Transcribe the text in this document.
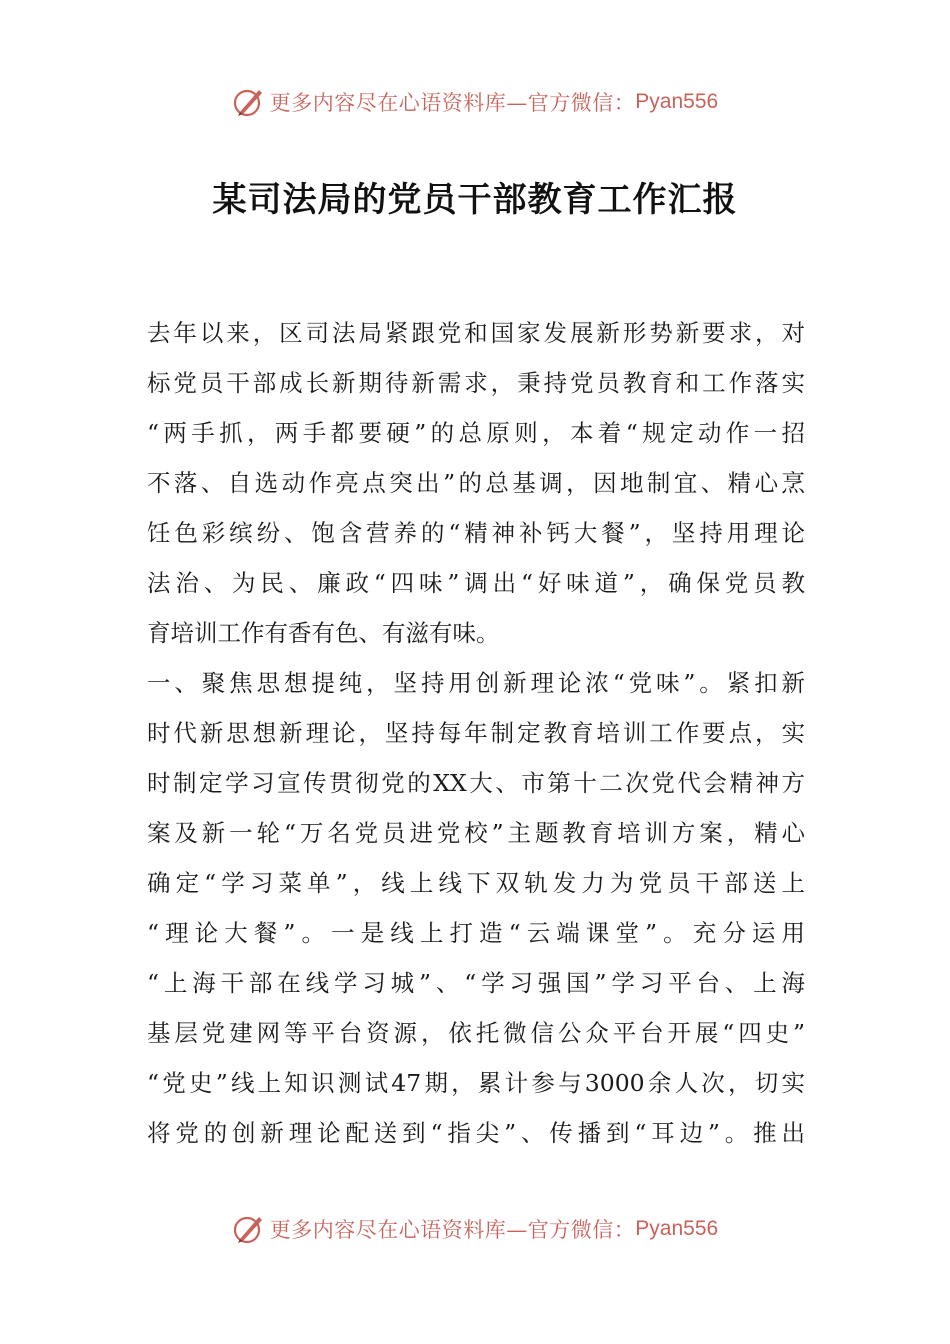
更多内容尽在心语资料库—官方微信： Pyan556
某司法局的党员干部教育工作汇报
去年以来，区司法局紧跟党和国家发展新形势新要求，对
标党员干部成长新期待新需求，秉持党员教育和工作落实
“两手抓，两手都要硬”的总原则，本着“规定动作一招
不落、自选动作亮点突出”的总基调，因地制宜、精心烹
饪色彩缤纷、饱含营养的“精神补钙大餐”，坚持用理论
法治、为民、廉政“四味”调出“好味道”，确保党员教
育培训工作有香有色、有滋有味。
一、聚焦思想提纯，坚持用创新理论浓“党味”。紧扣新
时代新思想新理论，坚持每年制定教育培训工作要点，实
时制定学习宣传贯彻党的XX大、市第十二次党代会精神方
案及新一轮“万名党员进党校”主题教育培训方案，精心
确定“学习菜单”，线上线下双轨发力为党员干部送上
“理论大餐”。一是线上打造“云端课堂”。充分运用
“上海干部在线学习城”、“学习强国”学习平台、上海
基层党建网等平台资源，依托微信公众平台开展“四史”
“党史”线上知识测试47期，累计参与3000余人次，切实
将党的创新理论配送到“指尖”、传播到“耳边”。推出
更多内容尽在心语资料库—官方微信： Pyan556
